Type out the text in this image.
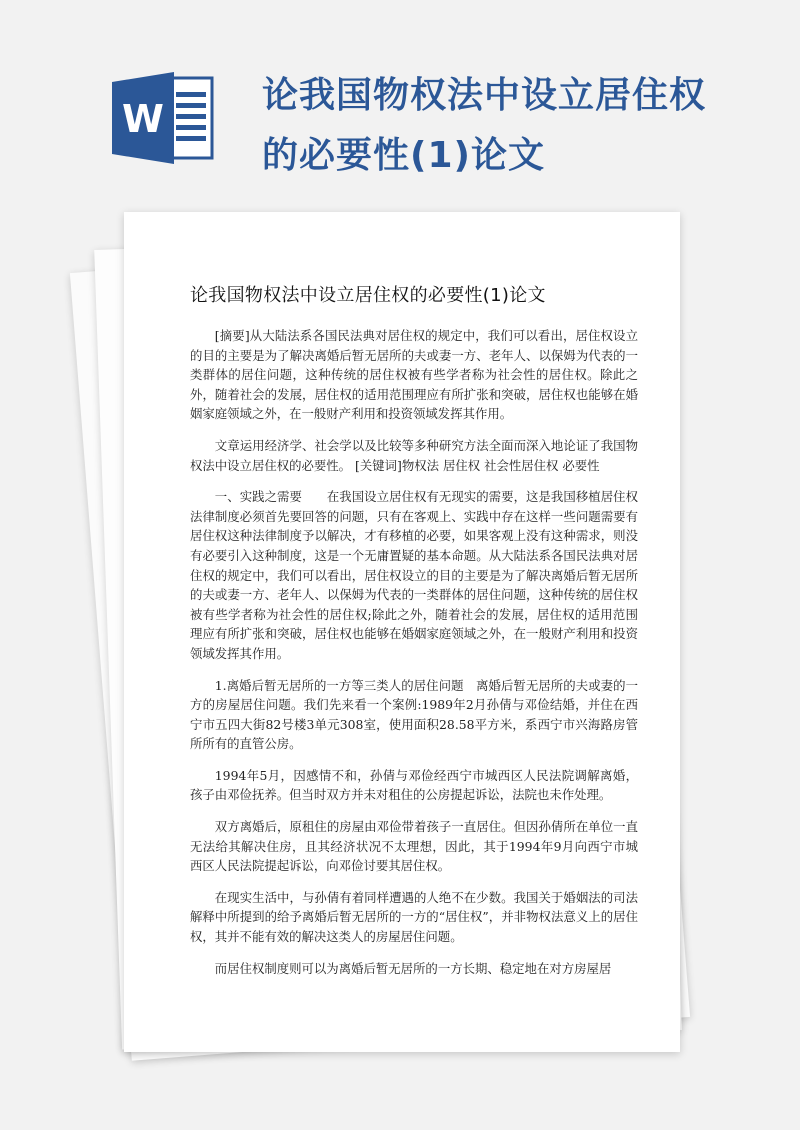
W
论我国物权法中设立居住权的必要性(1)论文
论我国物权法中设立居住权的必要性(1)论文

[摘要]从大陆法系各国民法典对居住权的规定中，我们可以看出，居住权设立的目的主要是为了解决离婚后暂无居所的夫或妻一方、老年人、以保姆为代表的一类群体的居住问题，这种传统的居住权被有些学者称为社会性的居住权。除此之外，随着社会的发展，居住权的适用范围理应有所扩张和突破，居住权也能够在婚姻家庭领域之外，在一般财产利用和投资领域发挥其作用。

文章运用经济学、社会学以及比较等多种研究方法全面而深入地论证了我国物权法中设立居住权的必要性。 [关键词]物权法 居住权 社会性居住权 必要性

一、实践之需要　　在我国设立居住权有无现实的需要，这是我国移植居住权法律制度必须首先要回答的问题，只有在客观上、实践中存在这样一些问题需要有居住权这种法律制度予以解决，才有移植的必要，如果客观上没有这种需求，则没有必要引入这种制度，这是一个无庸置疑的基本命题。从大陆法系各国民法典对居住权的规定中，我们可以看出，居住权设立的目的主要是为了解决离婚后暂无居所的夫或妻一方、老年人、以保姆为代表的一类群体的居住问题，这种传统的居住权被有些学者称为社会性的居住权;除此之外，随着社会的发展，居住权的适用范围理应有所扩张和突破，居住权也能够在婚姻家庭领域之外，在一般财产利用和投资领域发挥其作用。

1.离婚后暂无居所的一方等三类人的居住问题　离婚后暂无居所的夫或妻的一方的房屋居住问题。我们先来看一个案例:1989年2月孙倩与邓俭结婚，并住在西宁市五四大街82号楼3单元308室，使用面积28.58平方米，系西宁市兴海路房管所所有的直管公房。

1994年5月，因感情不和，孙倩与邓俭经西宁市城西区人民法院调解离婚，孩子由邓俭抚养。但当时双方并未对租住的公房提起诉讼，法院也未作处理。

双方离婚后，原租住的房屋由邓俭带着孩子一直居住。但因孙倩所在单位一直无法给其解决住房，且其经济状况不太理想，因此，其于1994年9月向西宁市城西区人民法院提起诉讼，向邓俭讨要其居住权。

在现实生活中，与孙倩有着同样遭遇的人绝不在少数。我国关于婚姻法的司法解释中所提到的给予离婚后暂无居所的一方的“居住权”，并非物权法意义上的居住权，其并不能有效的解决这类人的房屋居住问题。

而居住权制度则可以为离婚后暂无居所的一方长期、稳定地在对方房屋居
